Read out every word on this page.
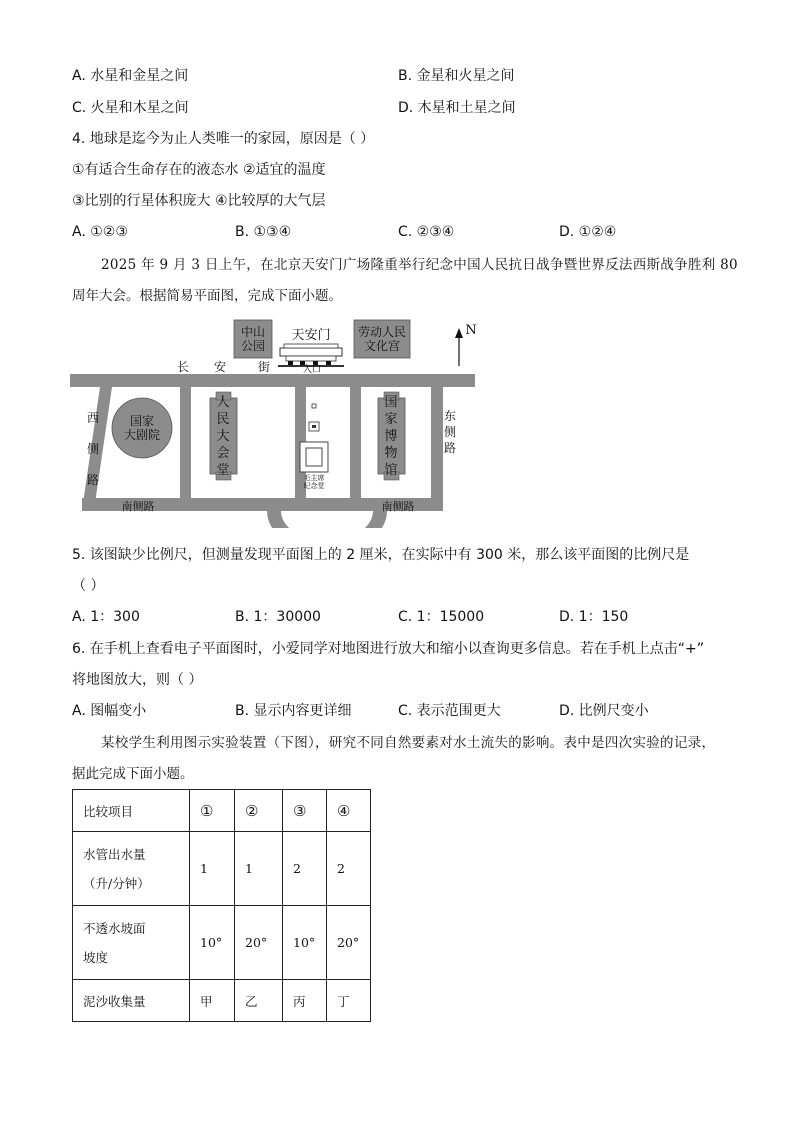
A. 水星和金星之间	B. 金星和火星之间
C. 火星和木星之间	D. 木星和土星之间
4. 地球是迄今为止人类唯一的家园，原因是（ ）
①有适合生命存在的液态水 ②适宜的温度
③比别的行星体积庞大 ④比较厚的大气层
A. ①②③	B. ①③④	C. ②③④	D. ①②④
2025 年 9 月 3 日上午，在北京天安门广场隆重举行纪念中国人民抗日战争暨世界反法西斯战争胜利 80
周年大会。根据简易平面图，完成下面小题。
中山
公园
天安门	劳动人民
文化宫
入口
N
长 安	街
西
侧
路
东
侧
路
国家
大剧院
人
民
大
会
堂
国
家
博
物
馆
毛主席
纪念堂
南侧路	南侧路
5. 该图缺少比例尺，但测量发现平面图上的 2 厘米，在实际中有 300 米，那么该平面图的比例尺是
（ ）
A. 1：300	B. 1：30000	C. 1：15000	D. 1：150
6. 在手机上查看电子平面图时，小爱同学对地图进行放大和缩小以查询更多信息。若在手机上点击“+”
将地图放大，则（ ）
A. 图幅变小	B. 显示内容更详细	C. 表示范围更大	D. 比例尺变小
某校学生利用图示实验装置（下图），研究不同自然要素对水土流失的影响。表中是四次实验的记录，
据此完成下面小题。
比较项目	①	②	③	④

水管出水量
（升/分钟）	1	1	2	2

不透水坡面
坡度	10°	20°	10°	20°
泥沙收集量	甲	乙	丙	丁
